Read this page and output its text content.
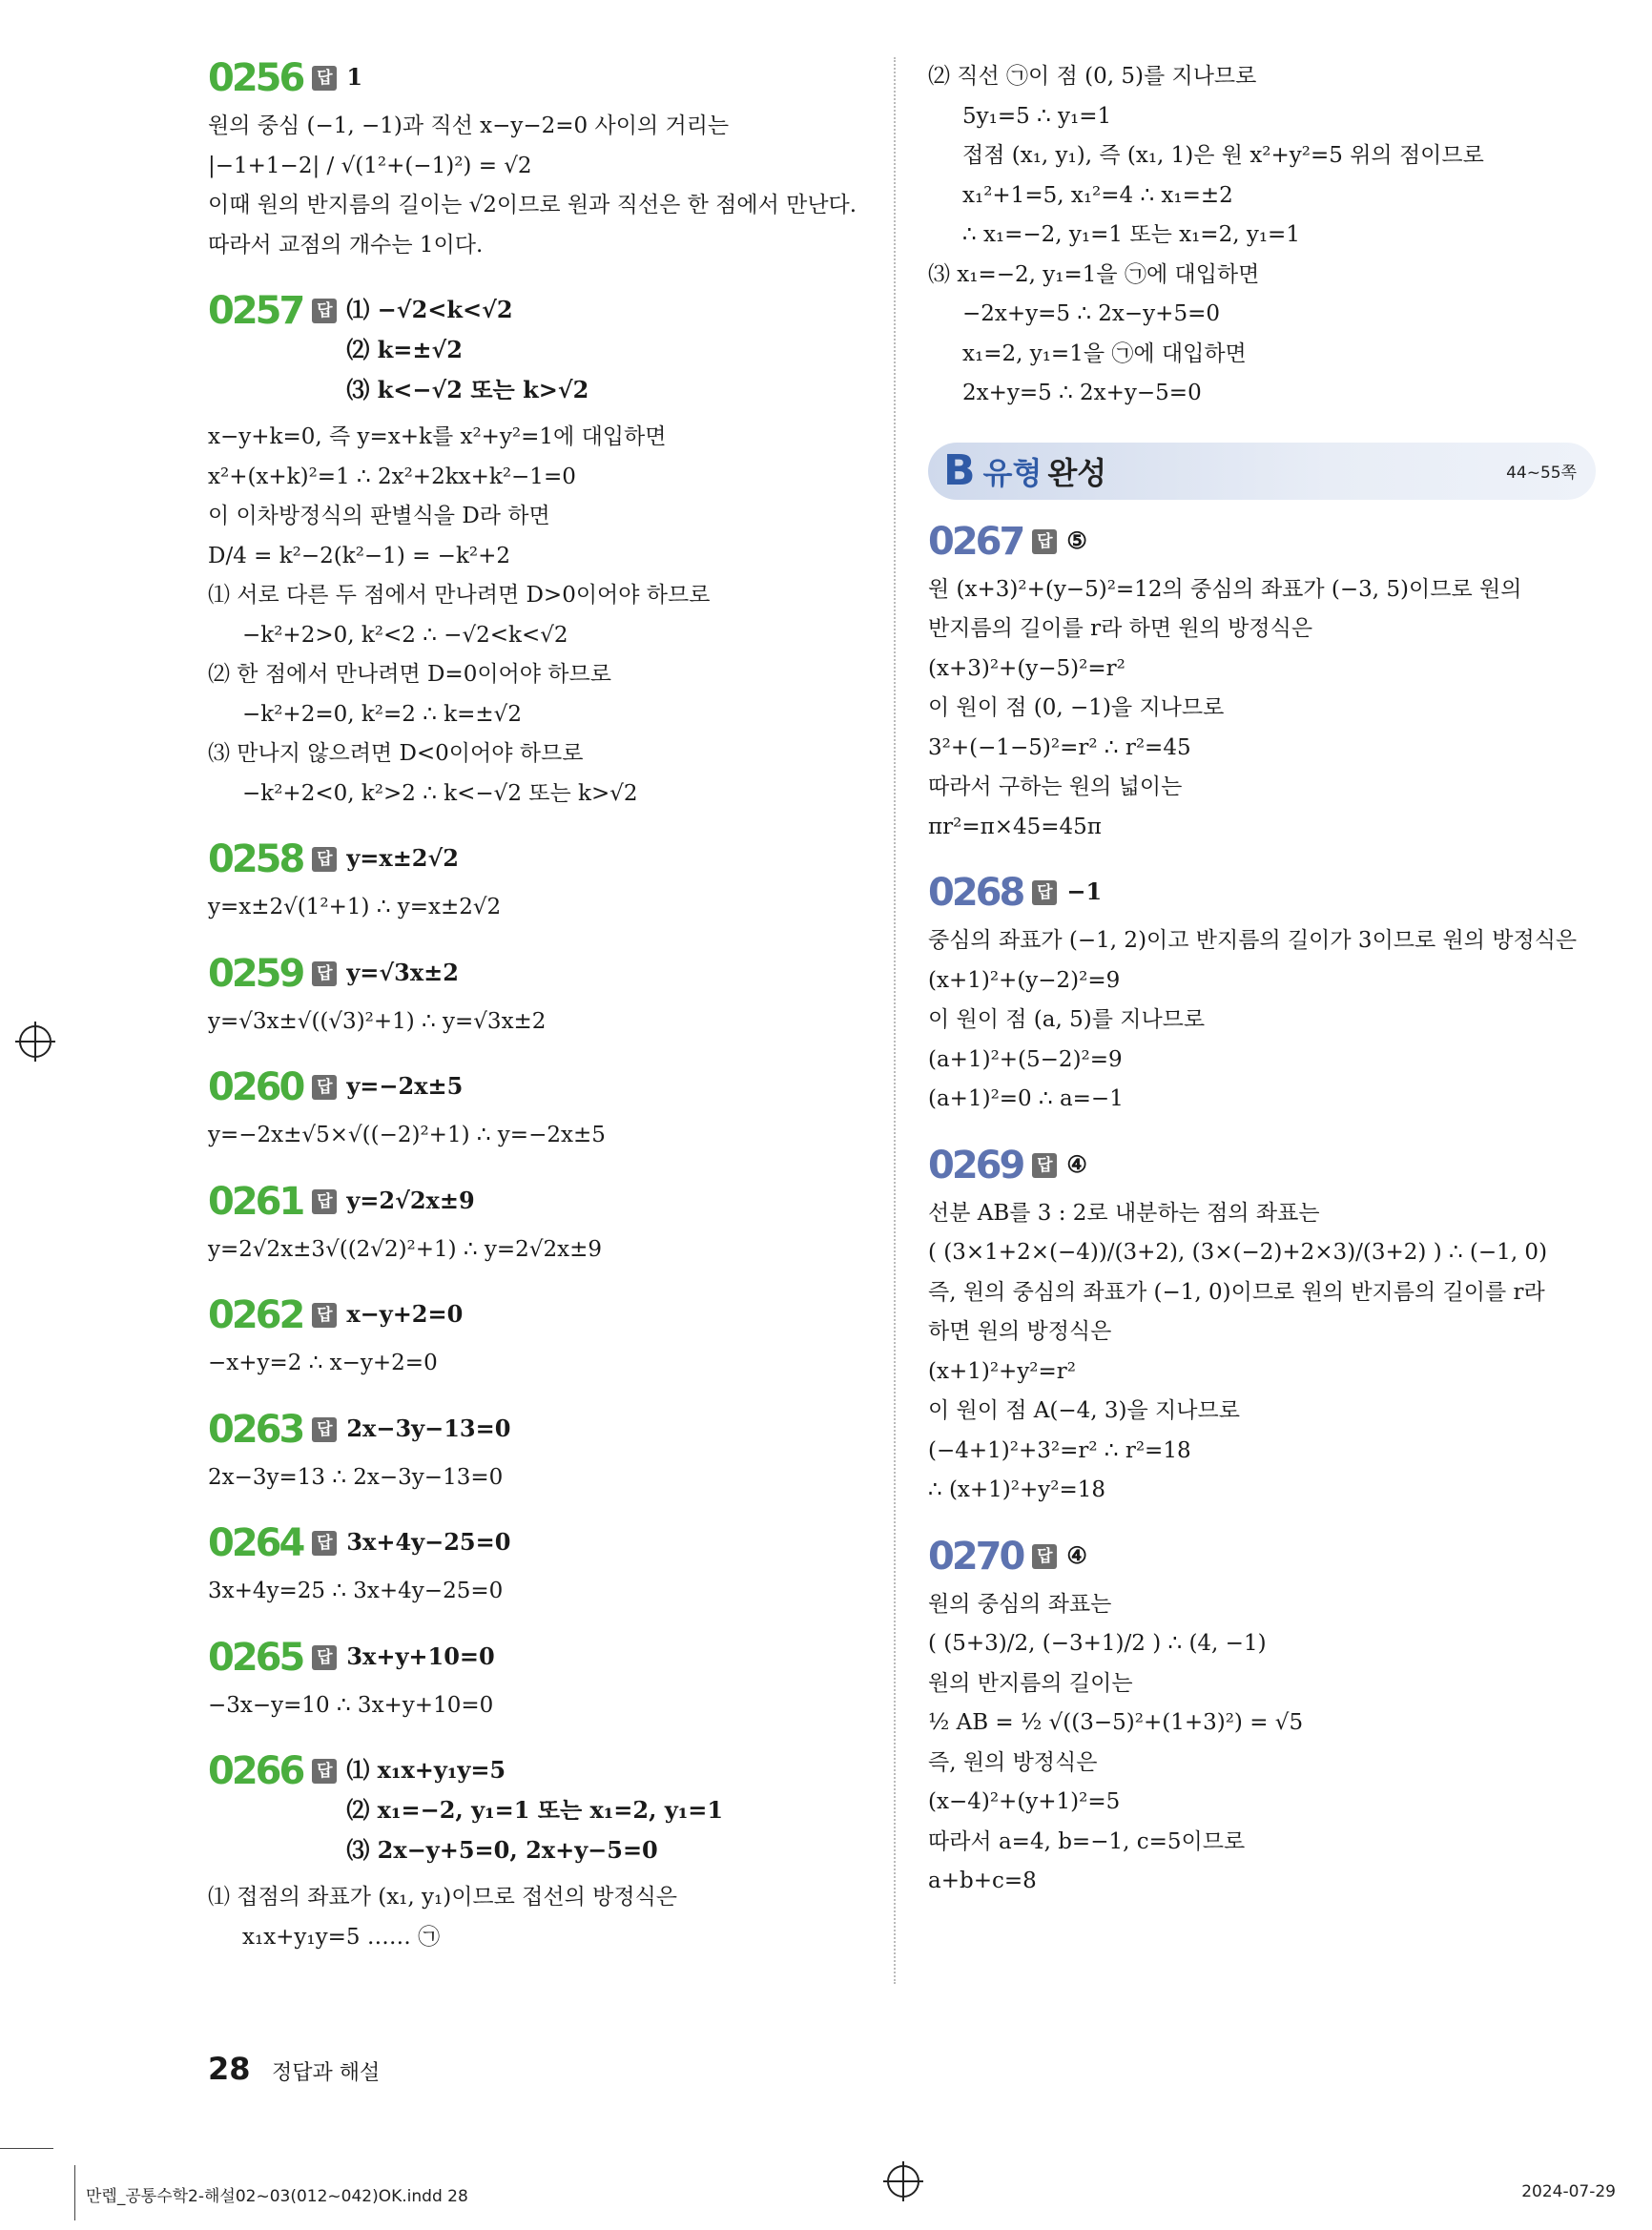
0256 답 1
원의 중심 (−1, −1)과 직선 x−y−2=0 사이의 거리는
|−1+1−2| / √(1²+(−1)²) = √2
이때 원의 반지름의 길이는 √2이므로 원과 직선은 한 점에서 만난다.
따라서 교점의 개수는 1이다.
0257 답 ⑴ −√2<k<√2
⑵ k=±√2
⑶ k<−√2 또는 k>√2
x−y+k=0, 즉 y=x+k를 x²+y²=1에 대입하면
x²+(x+k)²=1 ∴ 2x²+2kx+k²−1=0
이 이차방정식의 판별식을 D라 하면
D/4 = k²−2(k²−1) = −k²+2
⑴ 서로 다른 두 점에서 만나려면 D>0이어야 하므로
−k²+2>0, k²<2 ∴ −√2<k<√2
⑵ 한 점에서 만나려면 D=0이어야 하므로
−k²+2=0, k²=2 ∴ k=±√2
⑶ 만나지 않으려면 D<0이어야 하므로
−k²+2<0, k²>2 ∴ k<−√2 또는 k>√2
0258 답 y=x±2√2
y=x±2√(1²+1) ∴ y=x±2√2
0259 답 y=√3x±2
y=√3x±√((√3)²+1) ∴ y=√3x±2
0260 답 y=−2x±5
y=−2x±√5×√((−2)²+1) ∴ y=−2x±5
0261 답 y=2√2x±9
y=2√2x±3√((2√2)²+1) ∴ y=2√2x±9
0262 답 x−y+2=0
−x+y=2 ∴ x−y+2=0
0263 답 2x−3y−13=0
2x−3y=13 ∴ 2x−3y−13=0
0264 답 3x+4y−25=0
3x+4y=25 ∴ 3x+4y−25=0
0265 답 3x+y+10=0
−3x−y=10 ∴ 3x+y+10=0
0266 답 ⑴ x₁x+y₁y=5
⑵ x₁=−2, y₁=1 또는 x₁=2, y₁=1
⑶ 2x−y+5=0, 2x+y−5=0
⑴ 접점의 좌표가 (x₁, y₁)이므로 접선의 방정식은
x₁x+y₁y=5 …… ㉠
⑵ 직선 ㉠이 점 (0, 5)를 지나므로
5y₁=5 ∴ y₁=1
접점 (x₁, y₁), 즉 (x₁, 1)은 원 x²+y²=5 위의 점이므로
x₁²+1=5, x₁²=4 ∴ x₁=±2
∴ x₁=−2, y₁=1 또는 x₁=2, y₁=1
⑶ x₁=−2, y₁=1을 ㉠에 대입하면
−2x+y=5 ∴ 2x−y+5=0
x₁=2, y₁=1을 ㉠에 대입하면
2x+y=5 ∴ 2x+y−5=0
B 유형 완성	44~55쪽
0267 답 ⑤
원 (x+3)²+(y−5)²=12의 중심의 좌표가 (−3, 5)이므로 원의
반지름의 길이를 r라 하면 원의 방정식은
(x+3)²+(y−5)²=r²
이 원이 점 (0, −1)을 지나므로
3²+(−1−5)²=r² ∴ r²=45
따라서 구하는 원의 넓이는
πr²=π×45=45π
0268 답 −1
중심의 좌표가 (−1, 2)이고 반지름의 길이가 3이므로 원의 방정식은
(x+1)²+(y−2)²=9
이 원이 점 (a, 5)를 지나므로
(a+1)²+(5−2)²=9
(a+1)²=0 ∴ a=−1
0269 답 ④
선분 AB를 3 : 2로 내분하는 점의 좌표는
( (3×1+2×(−4))/(3+2), (3×(−2)+2×3)/(3+2) ) ∴ (−1, 0)
즉, 원의 중심의 좌표가 (−1, 0)이므로 원의 반지름의 길이를 r라
하면 원의 방정식은
(x+1)²+y²=r²
이 원이 점 A(−4, 3)을 지나므로
(−4+1)²+3²=r² ∴ r²=18
∴ (x+1)²+y²=18
0270 답 ④
원의 중심의 좌표는
( (5+3)/2, (−3+1)/2 ) ∴ (4, −1)
원의 반지름의 길이는
½ AB = ½ √((3−5)²+(1+3)²) = √5
즉, 원의 방정식은
(x−4)²+(y+1)²=5
따라서 a=4, b=−1, c=5이므로
a+b+c=8
28 정답과 해설
만렙_공통수학2-해설02~03(012~042)OK.indd 28	2024-07-29
